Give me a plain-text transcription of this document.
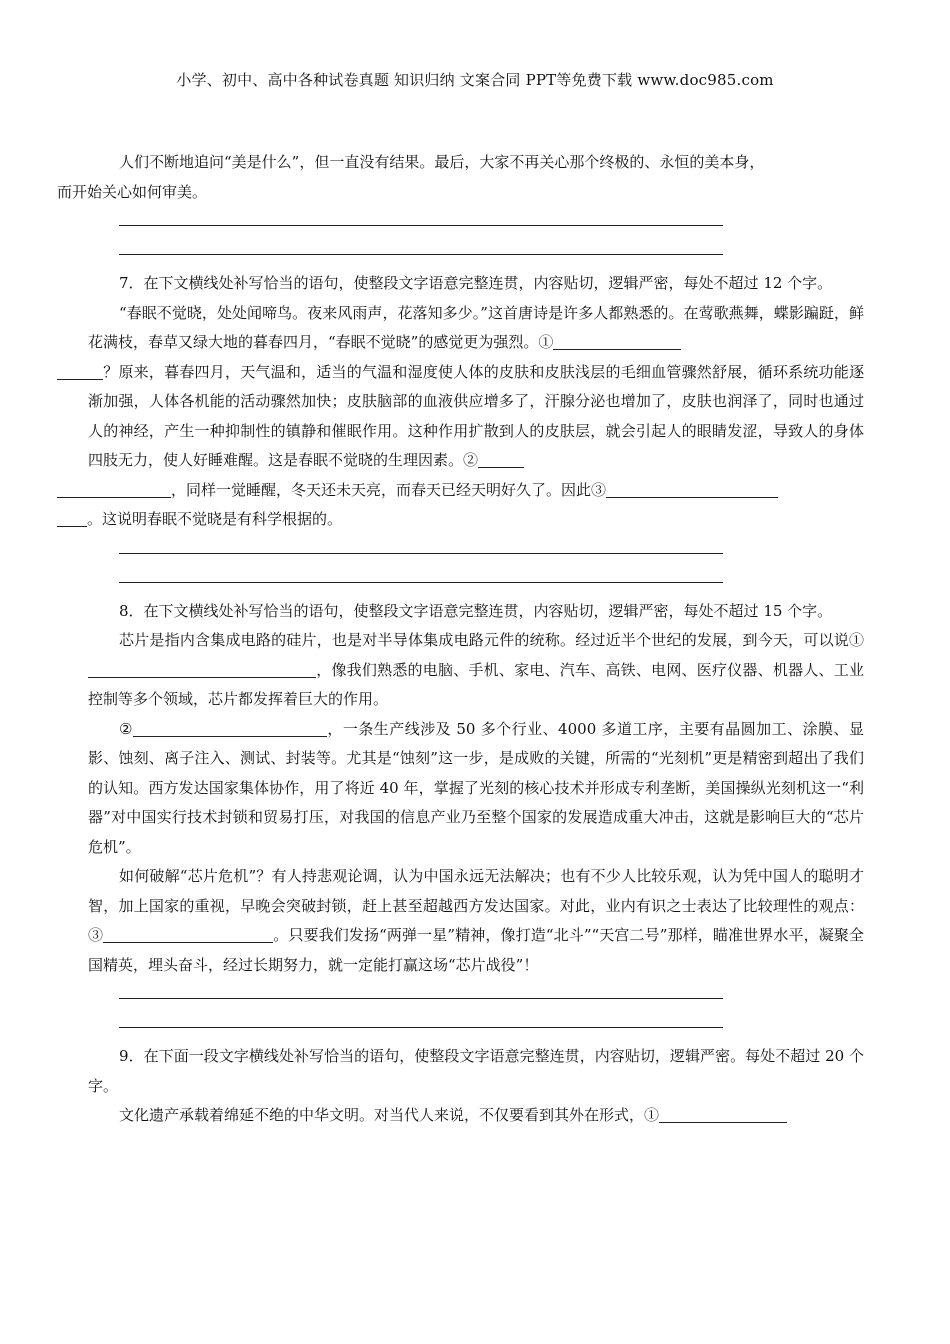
小学、初中、高中各种试卷真题 知识归纳 文案合同 PPT等免费下载 www.doc985.com

人们不断地追问“美是什么”，但一直没有结果。最后，大家不再关心那个终极的、永恒的美本身，
而开始关心如何审美。

7．在下文横线处补写恰当的语句，使整段文字语意完整连贯，内容贴切，逻辑严密，每处不超过 12 个字。

“春眠不觉晓，处处闻啼鸟。夜来风雨声，花落知多少。”这首唐诗是许多人都熟悉的。在莺歌燕舞，蝶影蹁跹，鲜花满枝，春草又绿大地的暮春四月，“春眠不觉晓”的感觉更为强烈。①
？原来，暮春四月，天气温和，适当的气温和湿度使人体的皮肤和皮肤浅层的毛细血管骤然舒展，循环系统功能逐渐加强，人体各机能的活动骤然加快；皮肤脑部的血液供应增多了，汗腺分泌也增加了，皮肤也润泽了，同时也通过人的神经，产生一种抑制性的镇静和催眠作用。这种作用扩散到人的皮肤层，就会引起人的眼睛发涩，导致人的身体四肢无力，使人好睡难醒。这是春眠不觉晓的生理因素。②
，同样一觉睡醒，冬天还未天亮，而春天已经天明好久了。因此③
。这说明春眠不觉晓是有科学根据的。

8．在下文横线处补写恰当的语句，使整段文字语意完整连贯，内容贴切，逻辑严密，每处不超过 15 个字。

芯片是指内含集成电路的硅片，也是对半导体集成电路元件的统称。经过近半个世纪的发展，到今天，可以说①，像我们熟悉的电脑、手机、家电、汽车、高铁、电网、医疗仪器、机器人、工业控制等多个领域，芯片都发挥着巨大的作用。

②	，一条生产线涉及 50 多个行业、4000 多道工序，主要有晶圆加工、涂膜、显影、蚀刻、离子注入、测试、封装等。尤其是“蚀刻”这一步，是成败的关键，所需的“光刻机”更是精密到超出了我们的认知。西方发达国家集体协作，用了将近 40 年，掌握了光刻的核心技术并形成专利垄断，美国操纵光刻机这一“利器”对中国实行技术封锁和贸易打压，对我国的信息产业乃至整个国家的发展造成重大冲击，这就是影响巨大的“芯片危机”。

如何破解“芯片危机”？有人持悲观论调，认为中国永远无法解决；也有不少人比较乐观，认为凭中国人的聪明才智，加上国家的重视，早晚会突破封锁，赶上甚至超越西方发达国家。对此，业内有识之士表达了比较理性的观点：③	。只要我们发扬“两弹一星”精神，像打造“北斗”“天宫二号”那样，瞄准世界水平，凝聚全国精英，埋头奋斗，经过长期努力，就一定能打赢这场“芯片战役”！

9．在下面一段文字横线处补写恰当的语句，使整段文字语意完整连贯，内容贴切，逻辑严密。每处不超过 20 个字。

文化遗产承载着绵延不绝的中华文明。对当代人来说，不仅要看到其外在形式，①
